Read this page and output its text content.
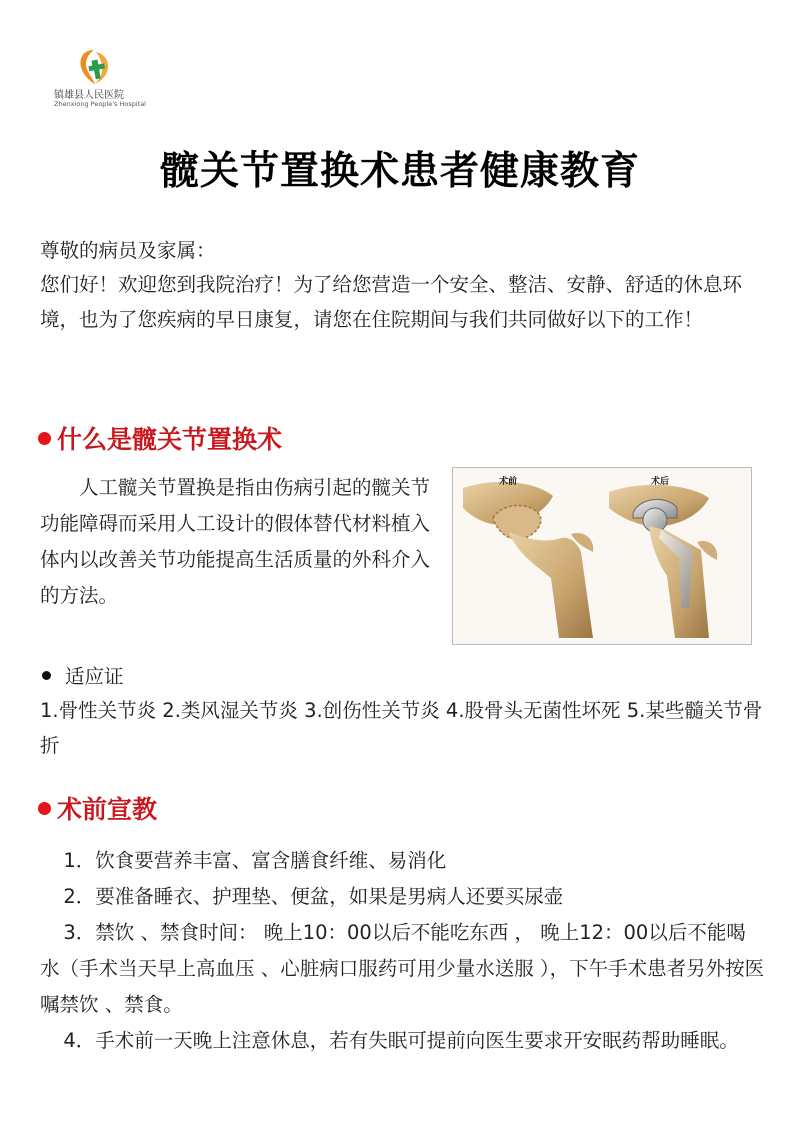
镇雄县人民医院
Zhenxiong People's Hospital
髋关节置换术患者健康教育

尊敬的病员及家属：

您们好！欢迎您到我院治疗！为了给您营造一个安全、整洁、安静、舒适的休息环境，也为了您疾病的早日康复，请您在住院期间与我们共同做好以下的工作！

什么是髋关节置换术

人工髋关节置换是指由伤病引起的髋关节功能障碍而采用人工设计的假体替代材料植入体内以改善关节功能提高生活质量的外科介入的方法。

术前	术后
适应证

1.骨性关节炎 2.类风湿关节炎 3.创伤性关节炎 4.股骨头无菌性坏死 5.某些髓关节骨折

术前宣教

1．饮食要营养丰富、富含膳食纤维、易消化

2．要准备睡衣、护理垫、便盆，如果是男病人还要买尿壶

3．禁饮 、禁食时间： 晚上10：00以后不能吃东西 ， 晚上12：00以后不能喝水（手术当天早上高血压 、心脏病口服药可用少量水送服 ），下午手术患者另外按医嘱禁饮 、禁食。

4．手术前一天晚上注意休息，若有失眠可提前向医生要求开安眠药帮助睡眠。
